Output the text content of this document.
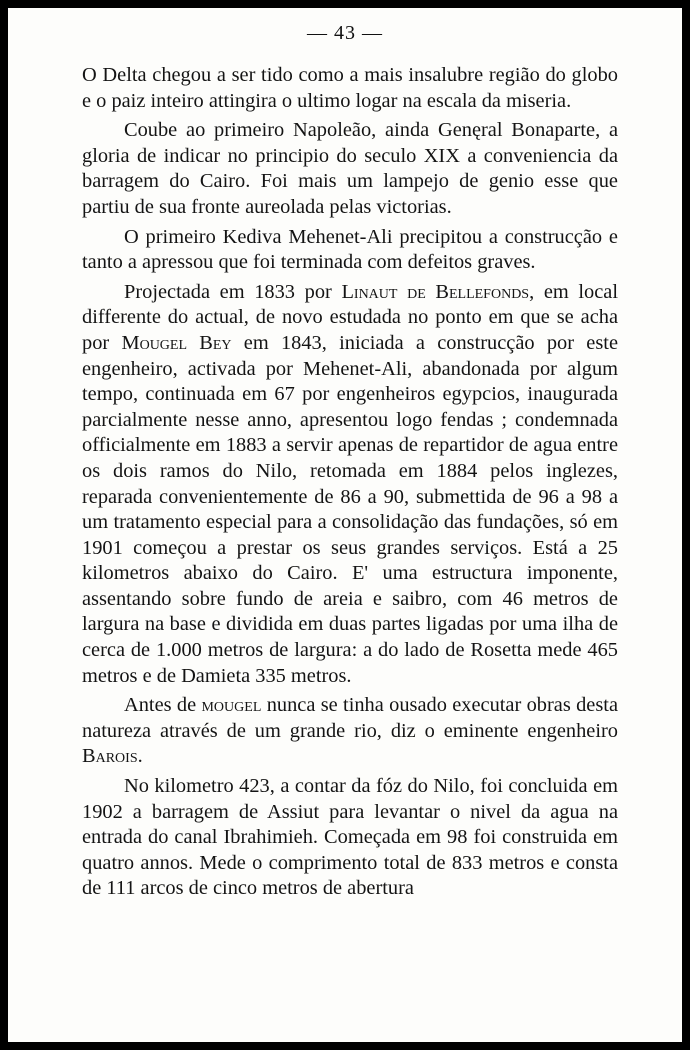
— 43 —

O Delta chegou a ser tido como a mais insalubre região do globo e o paiz inteiro attingira o ultimo logar na escala da miseria.

Coube ao primeiro Napoleão, ainda Genęral Bonaparte, a gloria de indicar no principio do seculo XIX a conveniencia da barragem do Cairo. Foi mais um lampejo de genio esse que partiu de sua fronte aureolada pelas victorias.

O primeiro Kediva Mehenet-Ali precipitou a construcção e tanto a apressou que foi terminada com defeitos graves.

Projectada em 1833 por Linaut de Bellefonds, em local differente do actual, de novo estudada no ponto em que se acha por Mougel Bey em 1843, iniciada a construcção por este engenheiro, activada por Mehenet-Ali, abandonada por algum tempo, continuada em 67 por engenheiros egypcios, inaugurada parcialmente nesse anno, apresentou logo fendas ; condemnada officialmente em 1883 a servir apenas de repartidor de agua entre os dois ramos do Nilo, retomada em 1884 pelos inglezes, reparada convenientemente de 86 a 90, submettida de 96 a 98 a um tratamento especial para a consolidação das fundações, só em 1901 começou a prestar os seus grandes serviços. Está a 25 kilometros abaixo do Cairo. E' uma estructura imponente, assentando sobre fundo de areia e saibro, com 46 metros de largura na base e dividida em duas partes ligadas por uma ilha de cerca de 1.000 metros de largura: a do lado de Rosetta mede 465 metros e de Damieta 335 metros.

Antes de mougel nunca se tinha ousado executar obras desta natureza através de um grande rio, diz o eminente engenheiro Barois.

No kilometro 423, a contar da fóz do Nilo, foi concluida em 1902 a barragem de Assiut para levantar o nivel da agua na entrada do canal Ibrahimieh. Começada em 98 foi construida em quatro annos. Mede o comprimento total de 833 metros e consta de 111 arcos de cinco metros de abertura
